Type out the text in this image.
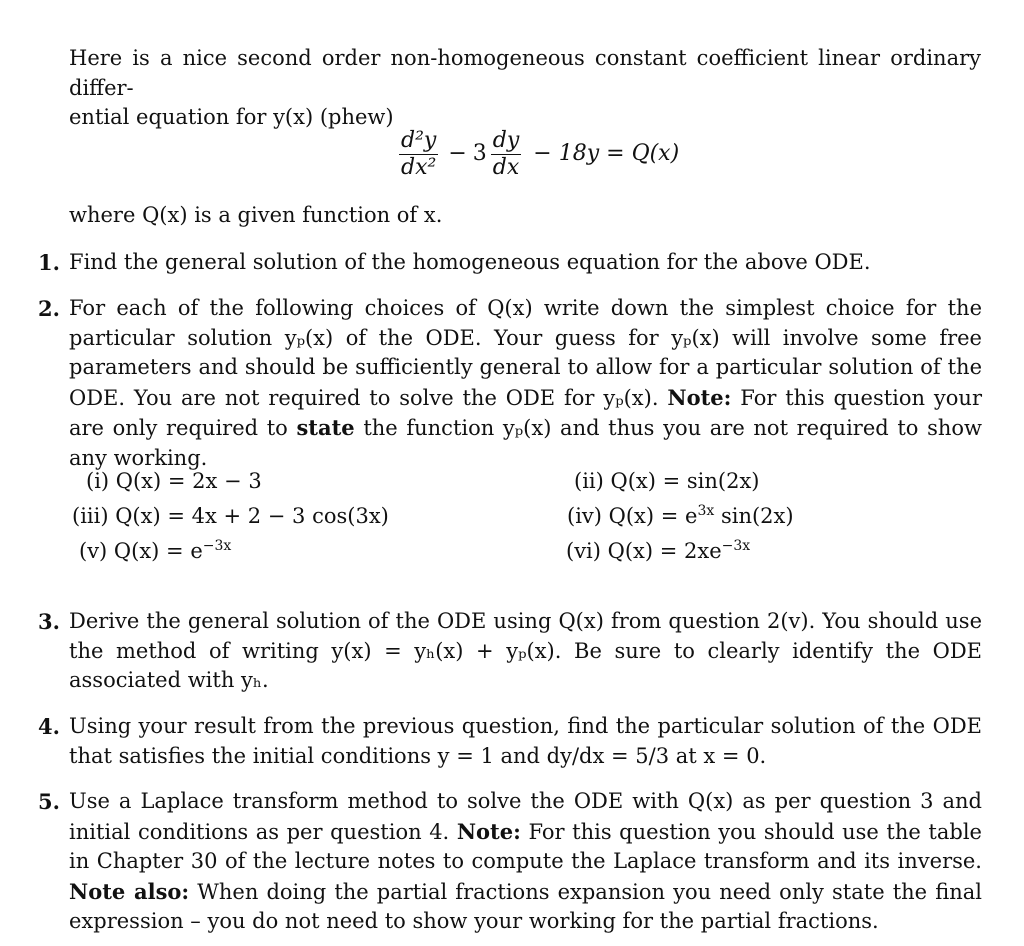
Here is a nice second order non-homogeneous constant coefficient linear ordinary differ-
ential equation for y(x) (phew)
$\frac{\text{d²y}}{\text{dx²}} - 3 \frac{dy}{dx} - 18y = Q(x)$
where Q(x) is a given function of x.
1. Find the general solution of the homogeneous equation for the above ODE.
2. For each of the following choices of Q(x) write down the simplest choice for the particular solution yₚ(x) of the ODE. Your guess for yₚ(x) will involve some free parameters and should be sufficiently general to allow for a particular solution of the ODE. You are not required to solve the ODE for yₚ(x). Note: For this question your are only required to state the function yₚ(x) and thus you are not required to show any working.
(i) Q(x) = 2x − 3
(iii) Q(x) = 4x + 2 − 3 cos(3x)
(v) $Q(x) = e^{-3x}$
(ii) Q(x) = sin(2x)
(iv) $Q(x) = e^{3x}$ sin(2x)
(vi) $Q(x) = 2xe^{-3x}$
3. Derive the general solution of the ODE using Q(x) from question 2(v). You should use the method of writing y(x) = yₕ(x) + yₚ(x). Be sure to clearly identify the ODE associated with yₕ.
4. Using your result from the previous question, find the particular solution of the ODE that satisfies the initial conditions y = 1 and dy/dx = 5/3 at x = 0.
5. Use a Laplace transform method to solve the ODE with Q(x) as per question 3 and initial conditions as per question 4. Note: For this question you should use the table in Chapter 30 of the lecture notes to compute the Laplace transform and its inverse. Note also: When doing the partial fractions expansion you need only state the final expression – you do not need to show your working for the partial fractions.
